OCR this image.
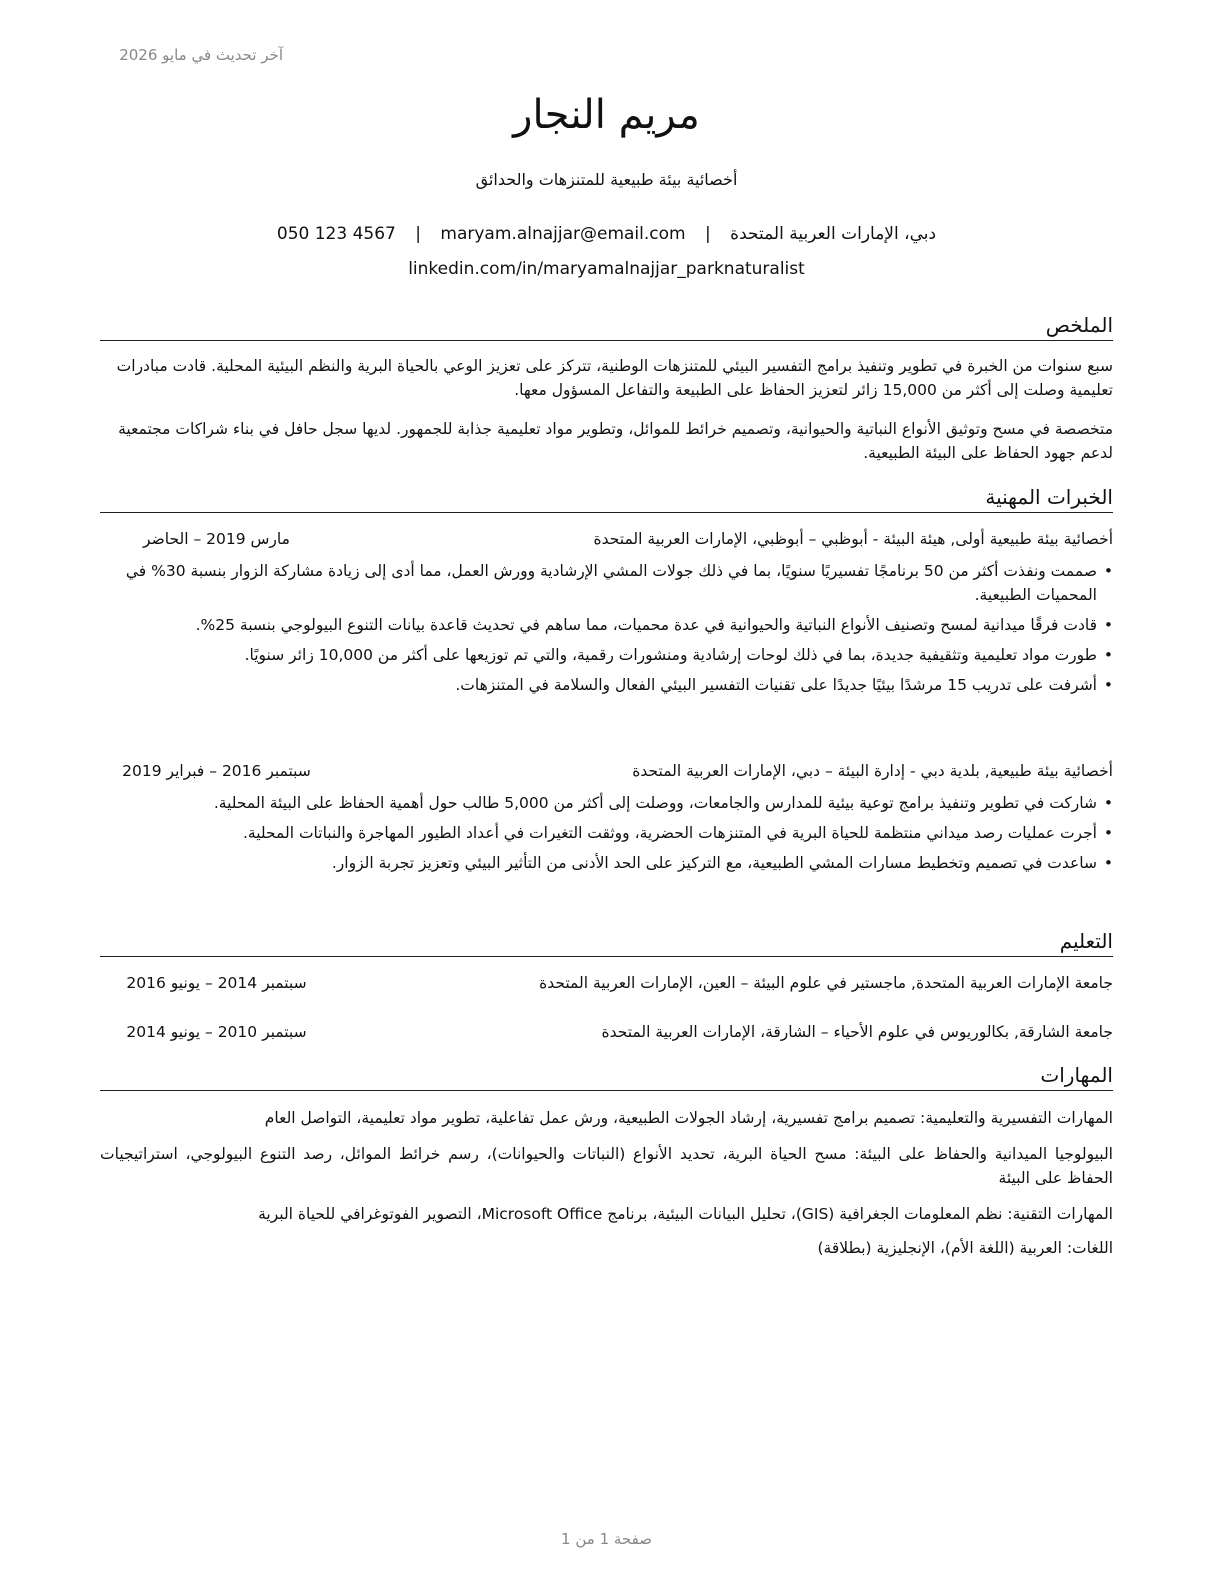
آخر تحديث في مايو 2026
مريم النجار
أخصائية بيئة طبيعية للمتنزهات والحدائق
دبي، الإمارات العربية المتحدة | maryam.alnajjar@email.com | 050 123 4567
linkedin.com/in/maryamalnajjar_parknaturalist
الملخص
سبع سنوات من الخبرة في تطوير وتنفيذ برامج التفسير البيئي للمتنزهات الوطنية، تتركز على تعزيز الوعي بالحياة البرية والنظم البيئية المحلية. قادت مبادرات تعليمية وصلت إلى أكثر من 15,000 زائر لتعزيز الحفاظ على الطبيعة والتفاعل المسؤول معها.
متخصصة في مسح وتوثيق الأنواع النباتية والحيوانية، وتصميم خرائط للموائل، وتطوير مواد تعليمية جذابة للجمهور. لديها سجل حافل في بناء شراكات مجتمعية لدعم جهود الحفاظ على البيئة الطبيعية.
الخبرات المهنية
أخصائية بيئة طبيعية أولى, هيئة البيئة - أبوظبي – أبوظبي، الإمارات العربية المتحدة
مارس 2019 – الحاضر
• صممت ونفذت أكثر من 50 برنامجًا تفسيريًا سنويًا، بما في ذلك جولات المشي الإرشادية وورش العمل، مما أدى إلى زيادة مشاركة الزوار بنسبة 30% في المحميات الطبيعية.
• قادت فرقًا ميدانية لمسح وتصنيف الأنواع النباتية والحيوانية في عدة محميات، مما ساهم في تحديث قاعدة بيانات التنوع البيولوجي بنسبة 25%.
• طورت مواد تعليمية وتثقيفية جديدة، بما في ذلك لوحات إرشادية ومنشورات رقمية، والتي تم توزيعها على أكثر من 10,000 زائر سنويًا.
• أشرفت على تدريب 15 مرشدًا بيئيًا جديدًا على تقنيات التفسير البيئي الفعال والسلامة في المتنزهات.
أخصائية بيئة طبيعية, بلدية دبي - إدارة البيئة – دبي، الإمارات العربية المتحدة
سبتمبر 2016 – فبراير 2019
• شاركت في تطوير وتنفيذ برامج توعية بيئية للمدارس والجامعات، ووصلت إلى أكثر من 5,000 طالب حول أهمية الحفاظ على البيئة المحلية.
• أجرت عمليات رصد ميداني منتظمة للحياة البرية في المتنزهات الحضرية، ووثقت التغيرات في أعداد الطيور المهاجرة والنباتات المحلية.
• ساعدت في تصميم وتخطيط مسارات المشي الطبيعية، مع التركيز على الحد الأدنى من التأثير البيئي وتعزيز تجربة الزوار.
التعليم
جامعة الإمارات العربية المتحدة, ماجستير في علوم البيئة – العين، الإمارات العربية المتحدة
سبتمبر 2014 – يونيو 2016
جامعة الشارقة, بكالوريوس في علوم الأحياء – الشارقة، الإمارات العربية المتحدة
سبتمبر 2010 – يونيو 2014
المهارات
المهارات التفسيرية والتعليمية: تصميم برامج تفسيرية، إرشاد الجولات الطبيعية، ورش عمل تفاعلية، تطوير مواد تعليمية، التواصل العام
البيولوجيا الميدانية والحفاظ على البيئة: مسح الحياة البرية، تحديد الأنواع (النباتات والحيوانات)، رسم خرائط الموائل، رصد التنوع البيولوجي، استراتيجيات الحفاظ على البيئة
المهارات التقنية: نظم المعلومات الجغرافية (GIS)، تحليل البيانات البيئية، برنامج Microsoft Office، التصوير الفوتوغرافي للحياة البرية
اللغات: العربية (اللغة الأم)، الإنجليزية (بطلاقة)
صفحة 1 من 1
